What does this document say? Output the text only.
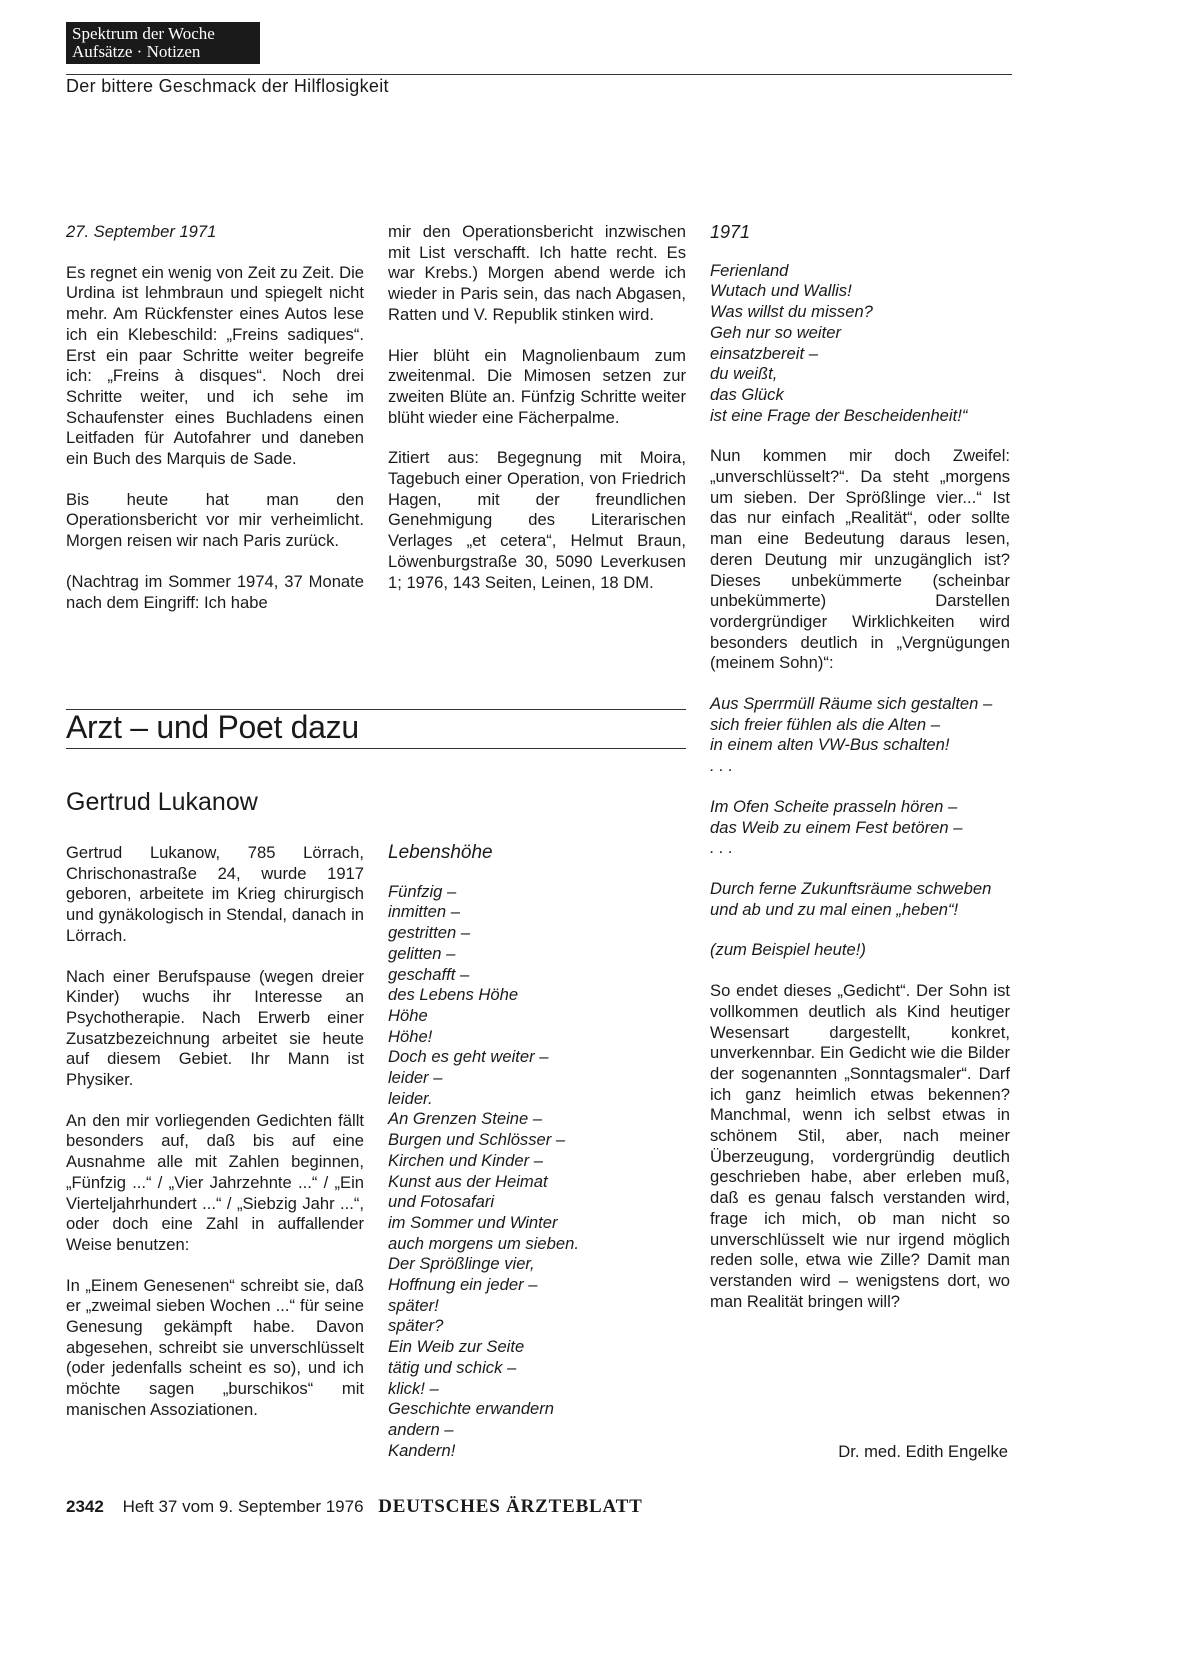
Spektrum der Woche
Aufsätze · Notizen
Der bittere Geschmack der Hilflosigkeit

27. September 1971

Es regnet ein wenig von Zeit zu Zeit. Die Urdina ist lehmbraun und spiegelt nicht mehr. Am Rückfenster eines Autos lese ich ein Klebeschild: „Freins sadiques“. Erst ein paar Schritte weiter begreife ich: „Freins à disques“. Noch drei Schritte weiter, und ich sehe im Schaufenster eines Buchladens einen Leitfaden für Autofahrer und daneben ein Buch des Marquis de Sade.

Bis heute hat man den Operationsbericht vor mir verheimlicht. Morgen reisen wir nach Paris zurück.

(Nachtrag im Sommer 1974, 37 Monate nach dem Eingriff: Ich habe

mir den Operationsbericht inzwischen mit List verschafft. Ich hatte recht. Es war Krebs.) Morgen abend werde ich wieder in Paris sein, das nach Abgasen, Ratten und V. Republik stinken wird.

Hier blüht ein Magnolienbaum zum zweitenmal. Die Mimosen setzen zur zweiten Blüte an. Fünfzig Schritte weiter blüht wieder eine Fächerpalme.

Zitiert aus: Begegnung mit Moira, Tagebuch einer Operation, von Friedrich Hagen, mit der freundlichen Genehmigung des Literarischen Verlages „et cetera“, Helmut Braun, Löwenburgstraße 30, 5090 Leverkusen 1; 1976, 143 Seiten, Leinen, 18 DM.

Arzt – und Poet dazu
Gertrud Lukanow

Gertrud Lukanow, 785 Lörrach, Chrischonastraße 24, wurde 1917 geboren, arbeitete im Krieg chirurgisch und gynäkologisch in Stendal, danach in Lörrach.

Nach einer Berufspause (wegen dreier Kinder) wuchs ihr Interesse an Psychotherapie. Nach Erwerb einer Zusatzbezeichnung arbeitet sie heute auf diesem Gebiet. Ihr Mann ist Physiker.

An den mir vorliegenden Gedichten fällt besonders auf, daß bis auf eine Ausnahme alle mit Zahlen beginnen, „Fünfzig ...“ / „Vier Jahrzehnte ...“ / „Ein Vierteljahrhundert ...“ / „Siebzig Jahr ...“, oder doch eine Zahl in auffallender Weise benutzen:

In „Einem Genesenen“ schreibt sie, daß er „zweimal sieben Wochen ...“ für seine Genesung gekämpft habe. Davon abgesehen, schreibt sie unverschlüsselt (oder jedenfalls scheint es so), und ich möchte sagen „burschikos“ mit manischen Assoziationen.

Lebenshöhe
Fünfzig –
inmitten –
gestritten –
gelitten –
geschafft –
des Lebens Höhe
Höhe
Höhe!
Doch es geht weiter –
leider –
leider.
An Grenzen Steine –
Burgen und Schlösser –
Kirchen und Kinder –
Kunst aus der Heimat
und Fotosafari
im Sommer und Winter
auch morgens um sieben.
Der Sprößlinge vier,
Hoffnung ein jeder –
später!
später?
Ein Weib zur Seite
tätig und schick –
klick! –
Geschichte erwandern
andern –
Kandern!

1971

Ferienland
Wutach und Wallis!
Was willst du missen?
Geh nur so weiter
einsatzbereit –
du weißt,
das Glück
ist eine Frage der Bescheidenheit!“

Nun kommen mir doch Zweifel: „unverschlüsselt?“. Da steht „morgens um sieben. Der Sprößlinge vier...“ Ist das nur einfach „Realität“, oder sollte man eine Bedeutung daraus lesen, deren Deutung mir unzugänglich ist? Dieses unbekümmerte (scheinbar unbekümmerte) Darstellen vordergründiger Wirklichkeiten wird besonders deutlich in „Vergnügungen (meinem Sohn)“:

Aus Sperrmüll Räume sich gestalten –
sich freier fühlen als die Alten –
in einem alten VW-Bus schalten!
. . .
Im Ofen Scheite prasseln hören –
das Weib zu einem Fest betören –
. . .
Durch ferne Zukunftsräume schweben
und ab und zu mal einen „heben“!

(zum Beispiel heute!)

So endet dieses „Gedicht“. Der Sohn ist vollkommen deutlich als Kind heutiger Wesensart dargestellt, konkret, unverkennbar. Ein Gedicht wie die Bilder der sogenannten „Sonntagsmaler“. Darf ich ganz heimlich etwas bekennen? Manchmal, wenn ich selbst etwas in schönem Stil, aber, nach meiner Überzeugung, vordergründig deutlich geschrieben habe, aber erleben muß, daß es genau falsch verstanden wird, frage ich mich, ob man nicht so unverschlüsselt wie nur irgend möglich reden solle, etwa wie Zille? Damit man verstanden wird – wenigstens dort, wo man Realität bringen will?

Dr. med. Edith Engelke
2342 Heft 37 vom 9. September 1976 DEUTSCHES ÄRZTEBLATT
